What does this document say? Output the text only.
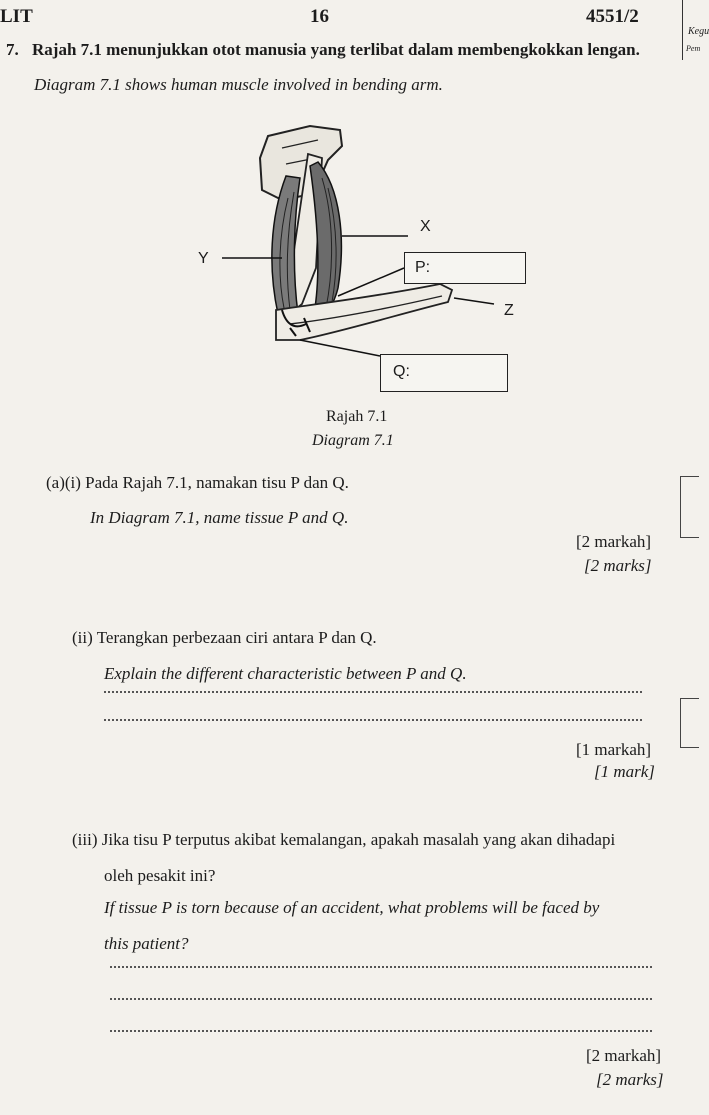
LIT	16	4551/2
Kegu
Pem
7. Rajah 7.1 menunjukkan otot manusia yang terlibat dalam membengkokkan lengan.
Diagram 7.1 shows human muscle involved in bending arm.
X
Y
P:
Z
Q:
Rajah 7.1
Diagram 7.1
(a)(i) Pada Rajah 7.1, namakan tisu P dan Q.
In Diagram 7.1, name tissue P and Q.
[2 markah]
[2 marks]
(ii) Terangkan perbezaan ciri antara P dan Q.
Explain the different characteristic between P and Q.
[1 markah]
[1 mark]
(iii) Jika tisu P terputus akibat kemalangan, apakah masalah yang akan dihadapi
oleh pesakit ini?
If tissue P is torn because of an accident, what problems will be faced by
this patient?
[2 markah]
[2 marks]
